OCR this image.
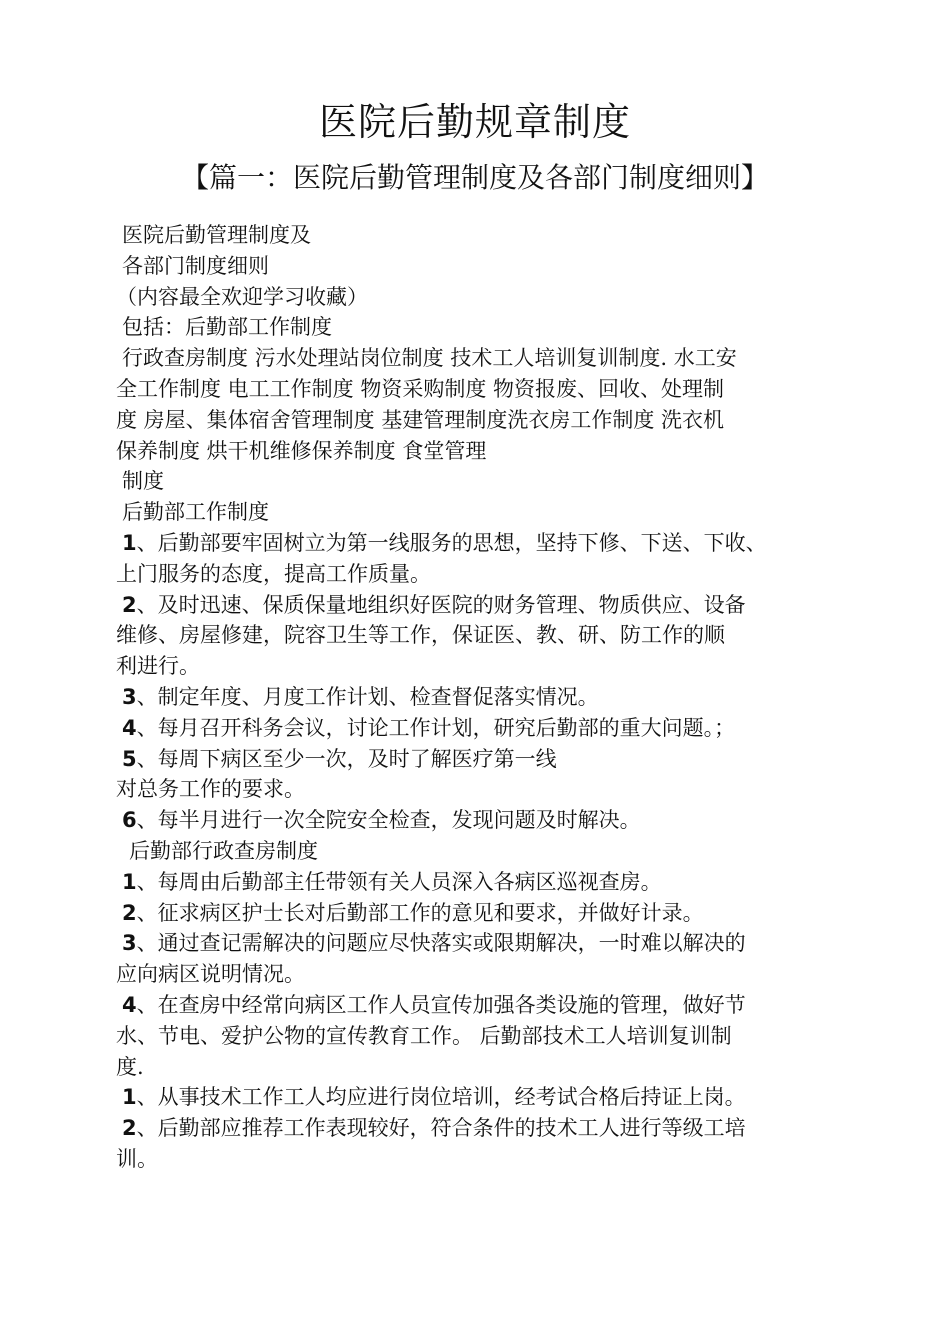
医院后勤规章制度
【篇一：医院后勤管理制度及各部门制度细则】
医院后勤管理制度及
各部门制度细则
（内容最全欢迎学习收藏）
包括：后勤部工作制度
行政查房制度 污水处理站岗位制度 技术工人培训复训制度. 水工安
全工作制度 电工工作制度 物资采购制度 物资报废、回收、处理制
度 房屋、集体宿舍管理制度 基建管理制度洗衣房工作制度 洗衣机
保养制度 烘干机维修保养制度 食堂管理
制度
后勤部工作制度
1、后勤部要牢固树立为第一线服务的思想，坚持下修、下送、下收、
上门服务的态度，提高工作质量。
2、及时迅速、保质保量地组织好医院的财务管理、物质供应、设备
维修、房屋修建，院容卫生等工作，保证医、教、研、防工作的顺
利进行。
3、制定年度、月度工作计划、检查督促落实情况。
4、每月召开科务会议，讨论工作计划，研究后勤部的重大问题。；
5、每周下病区至少一次，及时了解医疗第一线
对总务工作的要求。
6、每半月进行一次全院安全检查，发现问题及时解决。
后勤部行政查房制度
1、每周由后勤部主任带领有关人员深入各病区巡视查房。
2、征求病区护士长对后勤部工作的意见和要求，并做好计录。
3、通过查记需解决的问题应尽快落实或限期解决，一时难以解决的
应向病区说明情况。
4、在查房中经常向病区工作人员宣传加强各类设施的管理，做好节
水、节电、爱护公物的宣传教育工作。 后勤部技术工人培训复训制
度.
1、从事技术工作工人均应进行岗位培训，经考试合格后持证上岗。
2、后勤部应推荐工作表现较好，符合条件的技术工人进行等级工培
训。
